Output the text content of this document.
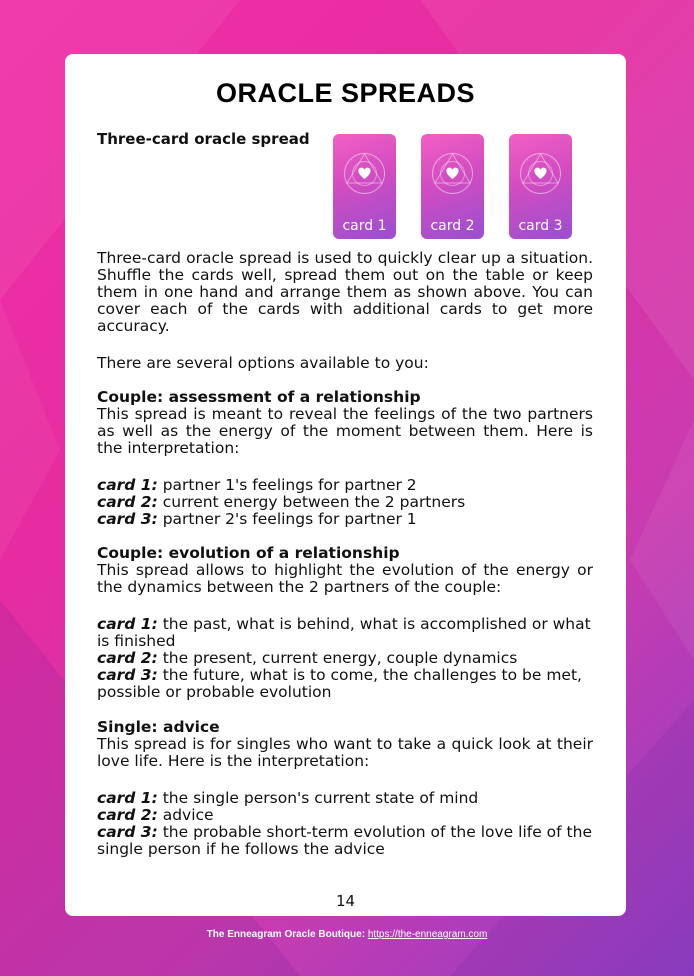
ORACLE SPREADS
Three-card oracle spread
card 1	card 2	card 3
Three-card oracle spread is used to quickly clear up a situation. Shuffle the cards well, spread them out on the table or keep them in one hand and arrange them as shown above. You can cover each of the cards with additional cards to get more accuracy.
There are several options available to you:
Couple: assessment of a relationship
This spread is meant to reveal the feelings of the two partners as well as the energy of the moment between them. Here is the interpretation:
card 1: partner 1's feelings for partner 2
card 2: current energy between the 2 partners
card 3: partner 2's feelings for partner 1
Couple: evolution of a relationship
This spread allows to highlight the evolution of the energy or the dynamics between the 2 partners of the couple:
card 1: the past, what is behind, what is accomplished or what is finished
card 2: the present, current energy, couple dynamics
card 3: the future, what is to come, the challenges to be met, possible or probable evolution
Single: advice
This spread is for singles who want to take a quick look at their love life. Here is the interpretation:
card 1: the single person's current state of mind
card 2: advice
card 3: the probable short-term evolution of the love life of the single person if he follows the advice
14
The Enneagram Oracle Boutique: https://the-enneagram.com
